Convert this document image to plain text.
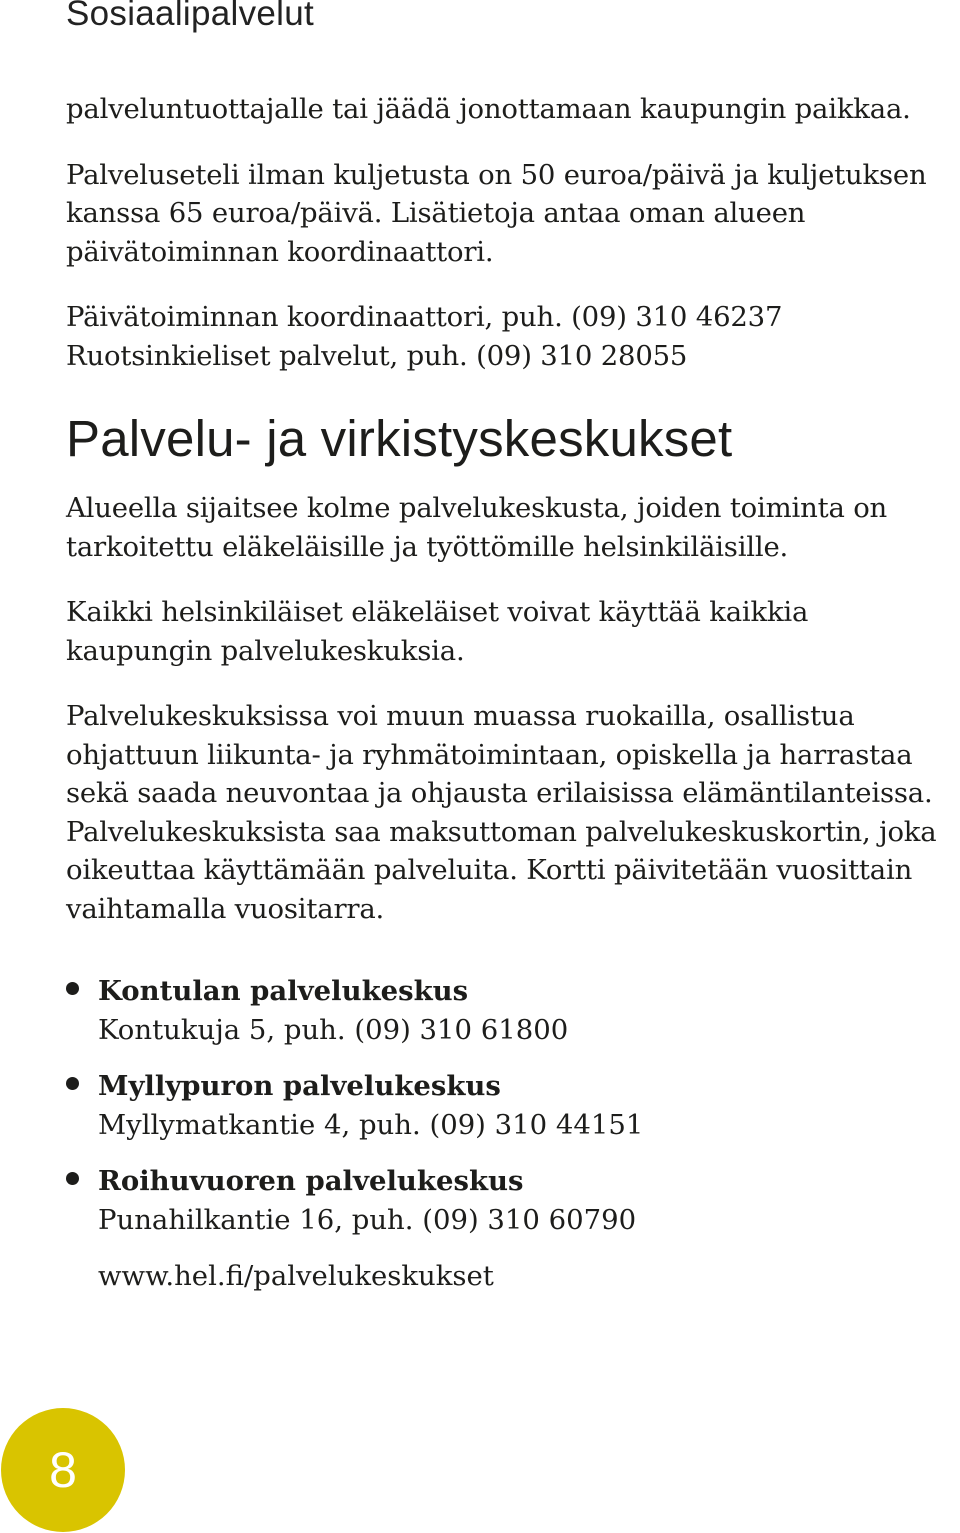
Sosiaalipalvelut

palveluntuottajalle tai jäädä jonottamaan kaupungin paikkaa.

Palveluseteli ilman kuljetusta on 50 euroa/päivä ja kuljetuksen kanssa 65 euroa/päivä. Lisätietoja antaa oman alueen päivätoiminnan koordinaattori.

Päivätoiminnan koordinaattori, puh. (09) 310 46237

Ruotsinkieliset palvelut, puh. (09) 310 28055

Palvelu- ja virkistyskeskukset

Alueella sijaitsee kolme palvelukeskusta, joiden toiminta on tarkoitettu eläkeläisille ja työttömille helsinkiläisille.

Kaikki helsinkiläiset eläkeläiset voivat käyttää kaikkia kaupungin palvelukeskuksia.

Palvelukeskuksissa voi muun muassa ruokailla, osallistua ohjattuun liikunta- ja ryhmätoimintaan, opiskella ja harrastaa sekä saada neuvontaa ja ohjausta erilaisissa elämäntilanteissa. Palvelukeskuksista saa maksuttoman palvelukeskuskortin, joka oikeuttaa käyttämään palveluita. Kortti päivitetään vuosittain vaihtamalla vuositarra.

Kontulan palvelukeskus
Kontukuja 5, puh. (09) 310 61800
Myllypuron palvelukeskus
Myllymatkantie 4, puh. (09) 310 44151
Roihuvuoren palvelukeskus
Punahilkantie 16, puh. (09) 310 60790
www.hel.fi/palvelukeskukset
8
